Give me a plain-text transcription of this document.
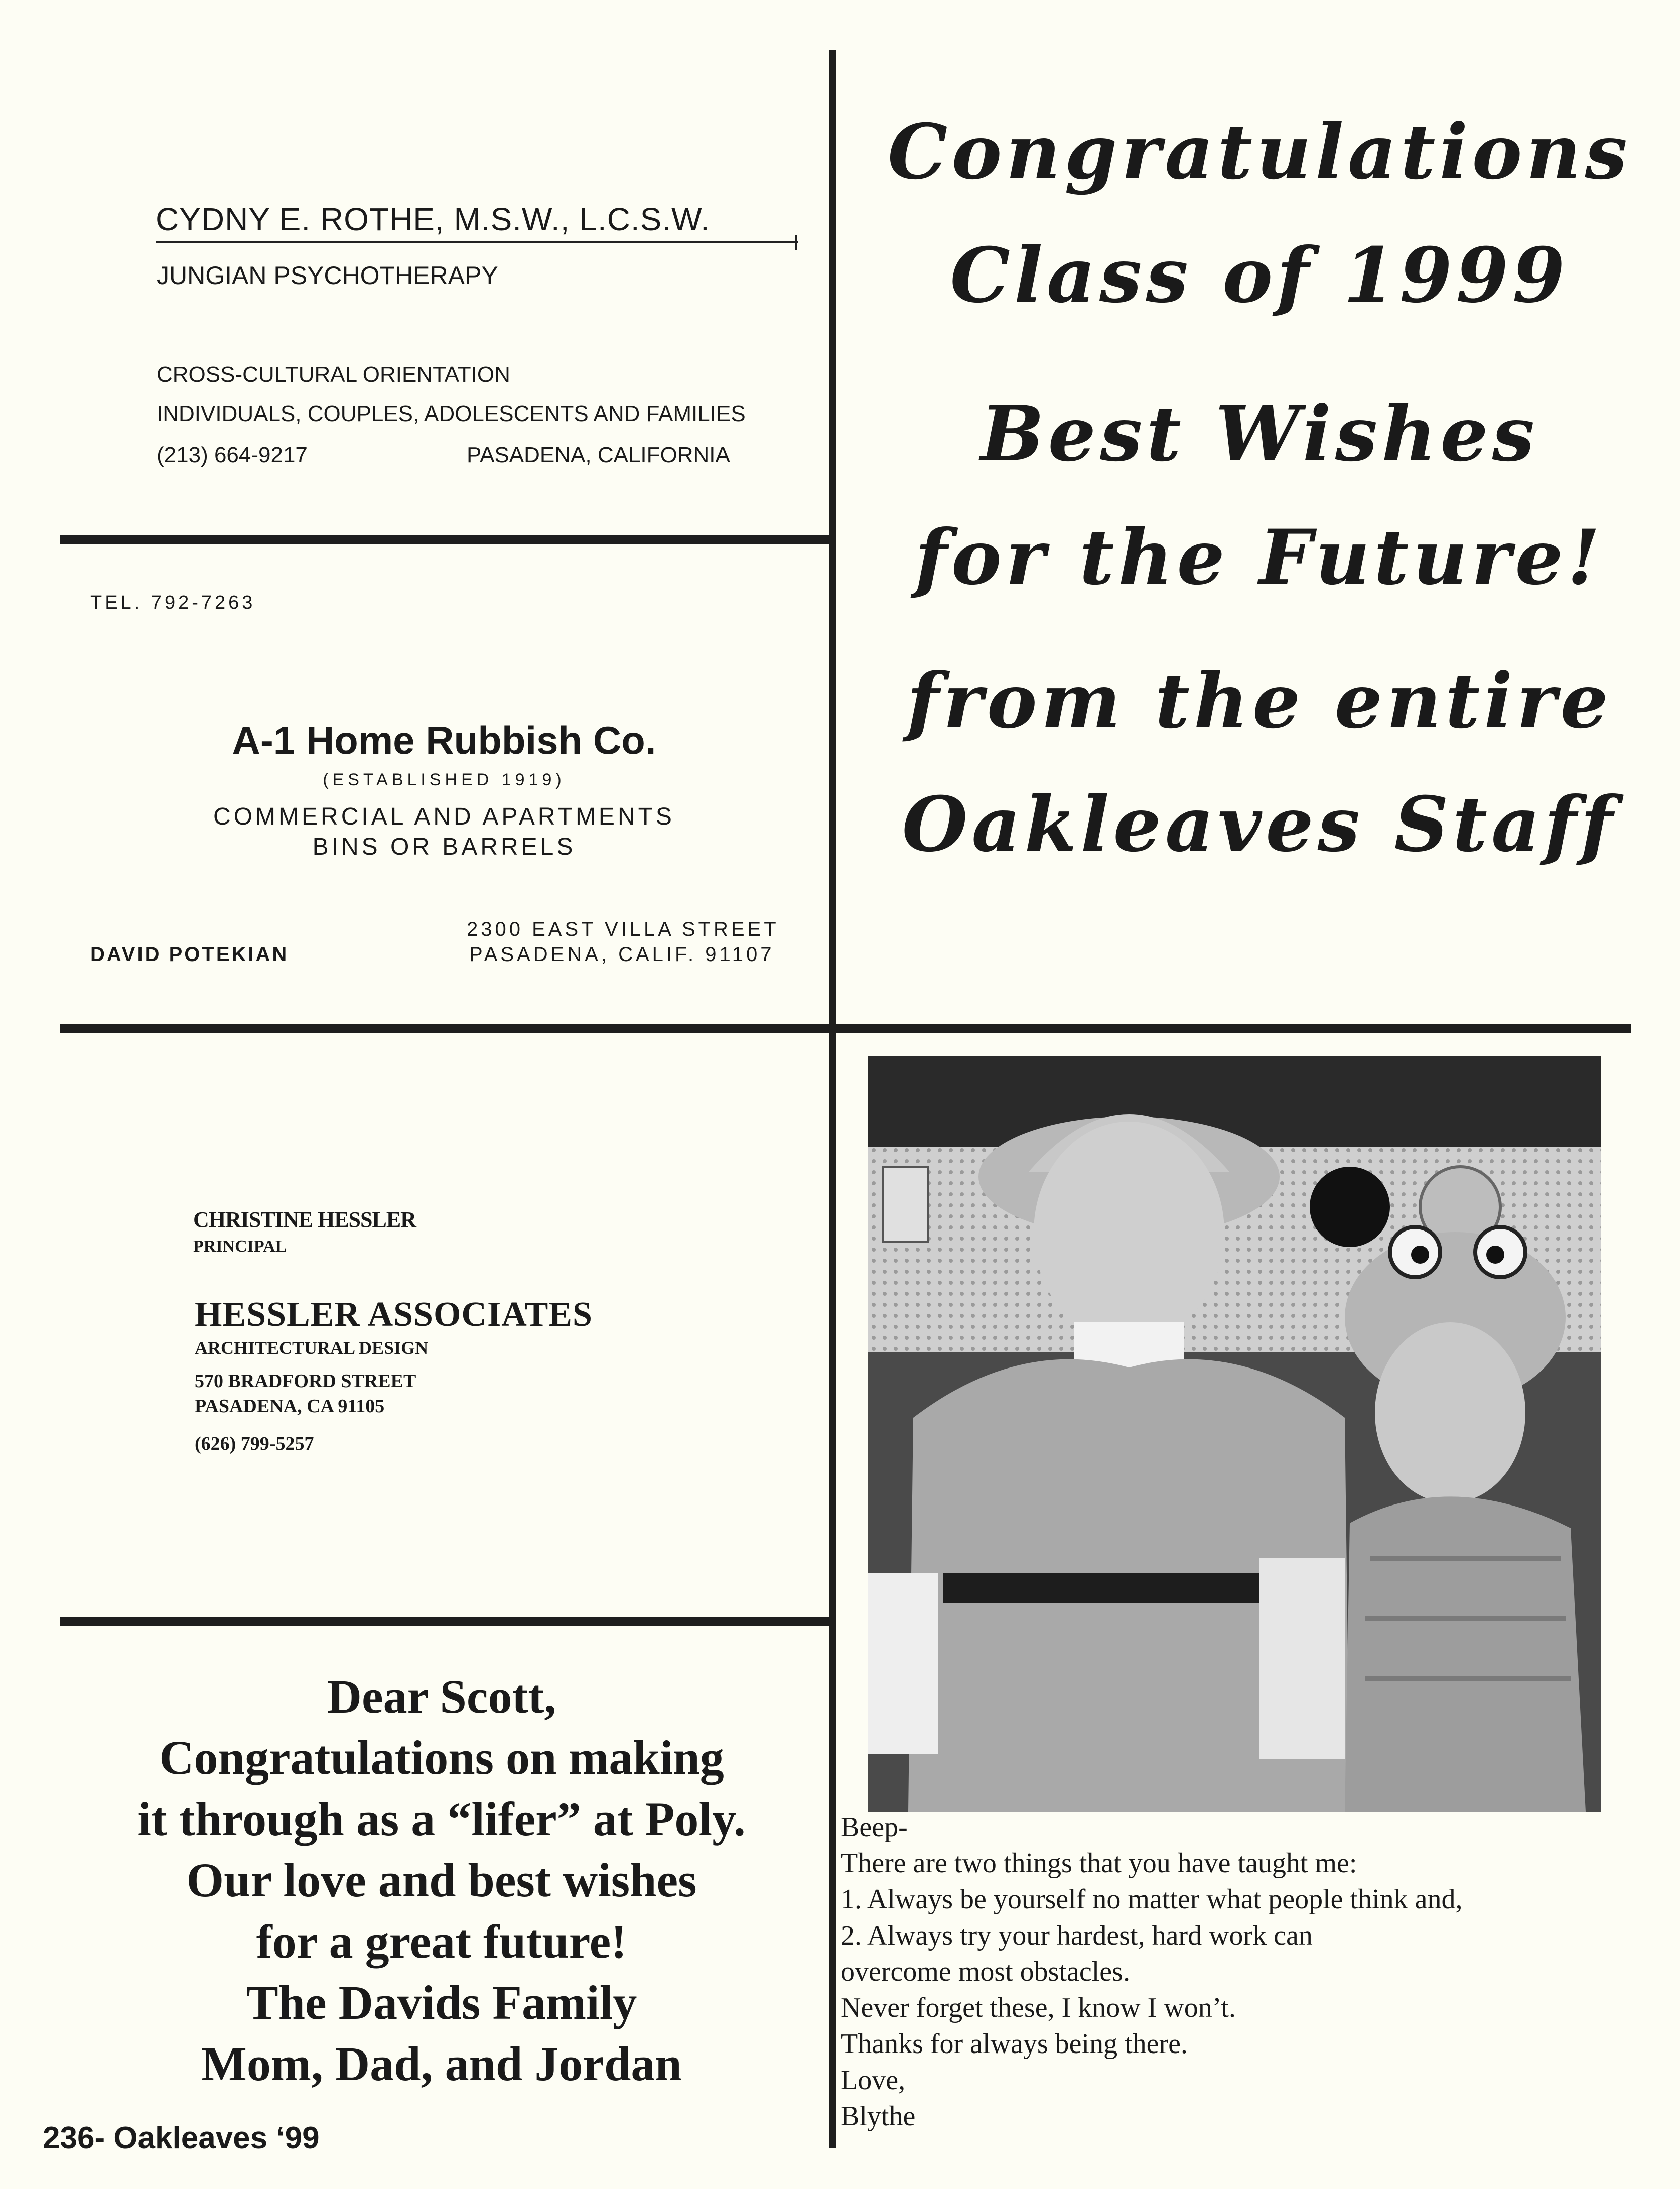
CYDNY E. ROTHE, M.S.W., L.C.S.W.
JUNGIAN PSYCHOTHERAPY
CROSS-CULTURAL ORIENTATION
INDIVIDUALS, COUPLES, ADOLESCENTS AND FAMILIES
(213) 664-9217	PASADENA, CALIFORNIA
TEL. 792-7263
A-1 Home Rubbish Co.
(ESTABLISHED 1919)
COMMERCIAL AND APARTMENTS
BINS OR BARRELS
DAVID POTEKIAN
2300 EAST VILLA STREET
PASADENA, CALIF. 91107
CHRISTINE HESSLER
PRINCIPAL
HESSLER ASSOCIATES
ARCHITECTURAL DESIGN
570 BRADFORD STREET
PASADENA, CA 91105
(626) 799-5257
Dear Scott,
Congratulations on making
it through as a “lifer” at Poly.
Our love and best wishes
for a great future!
The Davids Family
Mom, Dad, and Jordan
Congratulations
Class of 1999
Best Wishes
for the Future!
from the entire
Oakleaves Staff
Beep-
There are two things that you have taught me:
1. Always be yourself no matter what people think and,
2. Always try your hardest, hard work can
overcome most obstacles.
Never forget these, I know I won’t.
Thanks for always being there.
Love,
Blythe
236- Oakleaves ‘99
